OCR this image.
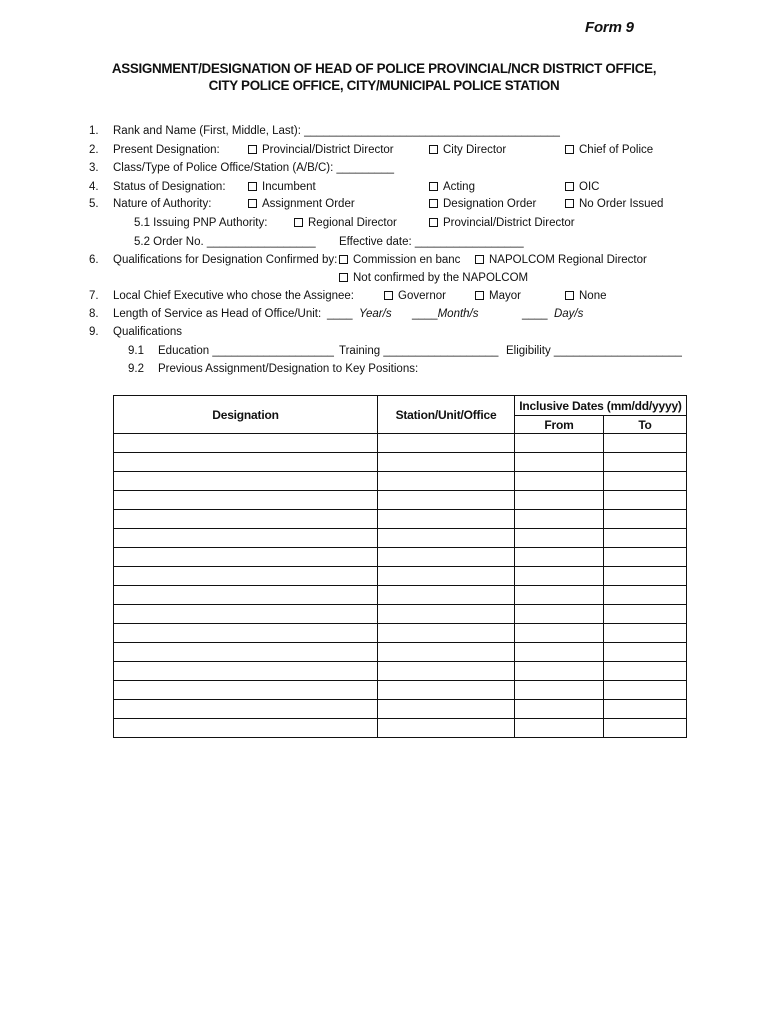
Form 9
ASSIGNMENT/DESIGNATION OF HEAD OF POLICE PROVINCIAL/NCR DISTRICT OFFICE,
CITY POLICE OFFICE, CITY/MUNICIPAL POLICE STATION
1. Rank and Name (First, Middle, Last): ________________________________________
2. Present Designation:	Provincial/District Director	City Director	Chief of Police
3. Class/Type of Police Office/Station (A/B/C): _________
4. Status of Designation:	Incumbent	Acting	OIC
5. Nature of Authority:	Assignment Order	Designation Order	No Order Issued
5.1 Issuing PNP Authority:	Regional Director	Provincial/District Director
5.2 Order No. _________________ Effective date: _________________
6. Qualifications for Designation Confirmed by:	Commission en banc	NAPOLCOM Regional Director
Not confirmed by the NAPOLCOM
7. Local Chief Executive who chose the Assignee:	Governor	Mayor	None
8. Length of Service as Head of Office/Unit: ____ Year/s ____Month/s	____ Day/s
9. Qualifications
9.1 Education ___________________ Training __________________ Eligibility ____________________
9.2 Previous Assignment/Designation to Key Positions:
Designation	Station/Unit/Office	Inclusive Dates (mm/dd/yyyy)	
		From	To
